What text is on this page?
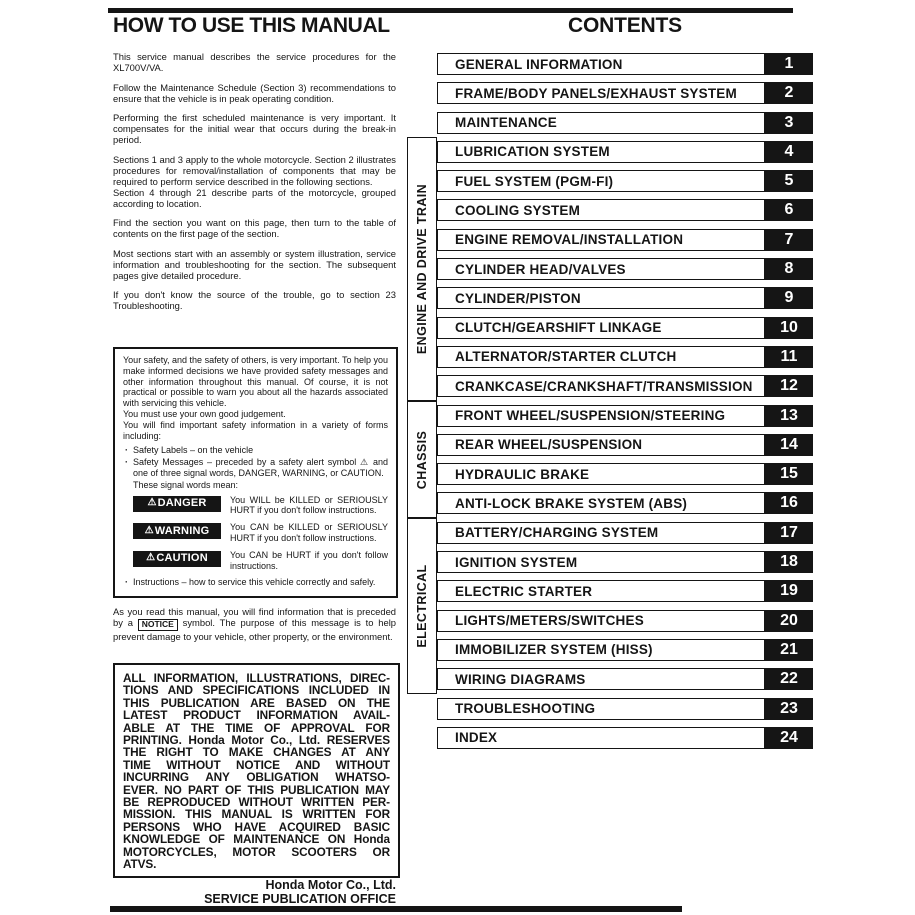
HOW TO USE THIS MANUAL

This service manual describes the service procedures for the XL700V/VA.

Follow the Maintenance Schedule (Section 3) recommendations to ensure that the vehicle is in peak operating condition.

Performing the first scheduled maintenance is very important. It compensates for the initial wear that occurs during the break-in period.

Sections 1 and 3 apply to the whole motorcycle. Section 2 illustrates procedures for removal/installation of components that may be required to perform service described in the following sections.

Section 4 through 21 describe parts of the motorcycle, grouped according to location.

Find the section you want on this page, then turn to the table of contents on the first page of the section.

Most sections start with an assembly or system illustration, service information and troubleshooting for the section. The subsequent pages give detailed procedure.

If you don't know the source of the trouble, go to section 23 Troubleshooting.

Your safety, and the safety of others, is very important. To help you make informed decisions we have provided safety messages and other information throughout this manual. Of course, it is not practical or possible to warn you about all the hazards associated with servicing this vehicle.

You must use your own good judgement.

You will find important safety information in a variety of forms including:

· Safety Labels – on the vehicle
· Safety Messages – preceded by a safety alert symbol ⚠ and one of three signal words, DANGER, WARNING, or CAUTION.
These signal words mean:
⚠ DANGER	You WILL be KILLED or SERIOUSLY HURT if you don't follow instructions.
⚠ WARNING You CAN be KILLED or SERIOUSLY HURT if you don't follow instructions.
⚠ CAUTION You CAN be HURT if you don't follow instructions.
· Instructions – how to service this vehicle correctly and safely.

As you read this manual, you will find information that is preceded by a NOTICE symbol. The purpose of this message is to help prevent damage to your vehicle, other property, or the environment.

ALL INFORMATION, ILLUSTRATIONS, DIREC-
TIONS AND SPECIFICATIONS INCLUDED IN
THIS PUBLICATION ARE BASED ON THE
LATEST PRODUCT INFORMATION AVAIL-
ABLE AT THE TIME OF APPROVAL FOR
PRINTING. Honda Motor Co., Ltd. RESERVES
THE RIGHT TO MAKE CHANGES AT ANY
TIME WITHOUT NOTICE AND WITHOUT
INCURRING ANY OBLIGATION WHATSO-
EVER. NO PART OF THIS PUBLICATION MAY
BE REPRODUCED WITHOUT WRITTEN PER-
MISSION. THIS MANUAL IS WRITTEN FOR
PERSONS WHO HAVE ACQUIRED BASIC
KNOWLEDGE OF MAINTENANCE ON Honda
MOTORCYCLES, MOTOR SCOOTERS OR
ATVS.
Honda Motor Co., Ltd.
SERVICE PUBLICATION OFFICE
CONTENTS
GENERAL INFORMATION	1
FRAME/BODY PANELS/EXHAUST SYSTEM	2
MAINTENANCE	3
LUBRICATION SYSTEM	4
FUEL SYSTEM (PGM-FI)	5
COOLING SYSTEM	6
ENGINE REMOVAL/INSTALLATION	7
CYLINDER HEAD/VALVES	8
CYLINDER/PISTON	9
CLUTCH/GEARSHIFT LINKAGE	10
ALTERNATOR/STARTER CLUTCH	11
CRANKCASE/CRANKSHAFT/TRANSMISSION	12
FRONT WHEEL/SUSPENSION/STEERING	13
REAR WHEEL/SUSPENSION	14
HYDRAULIC BRAKE	15
ANTI-LOCK BRAKE SYSTEM (ABS)	16
BATTERY/CHARGING SYSTEM	17
IGNITION SYSTEM	18
ELECTRIC STARTER	19
LIGHTS/METERS/SWITCHES	20
IMMOBILIZER SYSTEM (HISS)	21
WIRING DIAGRAMS	22
TROUBLESHOOTING	23
INDEX	24
ENGINE AND DRIVE TRAIN
CHASSIS
ELECTRICAL
